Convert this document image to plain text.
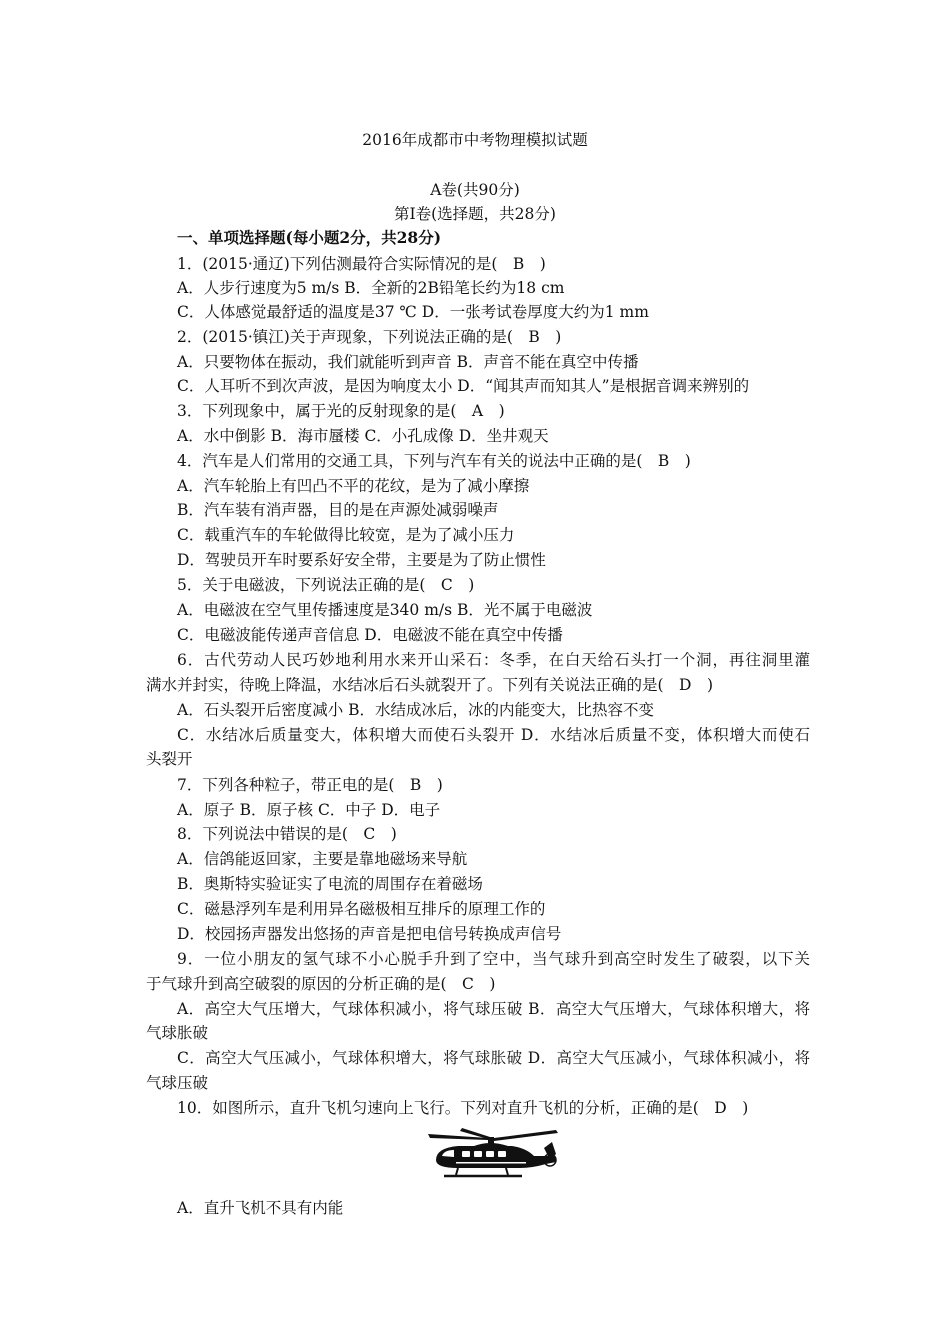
2016年成都市中考物理模拟试题
A卷(共90分)
第Ⅰ卷(选择题，共28分)
一、单项选择题(每小题2分，共28分)
1．(2015·通辽)下列估测最符合实际情况的是(　B　)
A．人步行速度为5 m/s B．全新的2B铅笔长约为18 cm
C．人体感觉最舒适的温度是37 ℃ D．一张考试卷厚度大约为1 mm
2．(2015·镇江)关于声现象，下列说法正确的是(　B　)
A．只要物体在振动，我们就能听到声音 B．声音不能在真空中传播
C．人耳听不到次声波，是因为响度太小 D．“闻其声而知其人”是根据音调来辨别的
3．下列现象中，属于光的反射现象的是(　A　)
A．水中倒影 B．海市蜃楼 C．小孔成像 D．坐井观天
4．汽车是人们常用的交通工具，下列与汽车有关的说法中正确的是(　B　)
A．汽车轮胎上有凹凸不平的花纹，是为了减小摩擦
B．汽车装有消声器，目的是在声源处减弱噪声
C．载重汽车的车轮做得比较宽，是为了减小压力
D．驾驶员开车时要系好安全带，主要是为了防止惯性
5．关于电磁波，下列说法正确的是(　C　)
A．电磁波在空气里传播速度是340 m/s B．光不属于电磁波
C．电磁波能传递声音信息 D．电磁波不能在真空中传播
6．古代劳动人民巧妙地利用水来开山采石：冬季，在白天给石头打一个洞，再往洞里灌
满水并封实，待晚上降温，水结冰后石头就裂开了。下列有关说法正确的是(　D　)
A．石头裂开后密度减小 B．水结成冰后，冰的内能变大，比热容不变
C．水结冰后质量变大，体积增大而使石头裂开 D．水结冰后质量不变，体积增大而使石
头裂开
7．下列各种粒子，带正电的是(　B　)
A．原子 B．原子核 C．中子 D．电子
8．下列说法中错误的是(　C　)
A．信鸽能返回家，主要是靠地磁场来导航
B．奥斯特实验证实了电流的周围存在着磁场
C．磁悬浮列车是利用异名磁极相互排斥的原理工作的
D．校园扬声器发出悠扬的声音是把电信号转换成声信号
9．一位小朋友的氢气球不小心脱手升到了空中，当气球升到高空时发生了破裂，以下关
于气球升到高空破裂的原因的分析正确的是(　C　)
A．高空大气压增大，气球体积减小，将气球压破 B．高空大气压增大，气球体积增大，将
气球胀破
C．高空大气压减小，气球体积增大，将气球胀破 D．高空大气压减小，气球体积减小，将
气球压破
10．如图所示，直升飞机匀速向上飞行。下列对直升飞机的分析，正确的是(　D　)
A．直升飞机不具有内能
